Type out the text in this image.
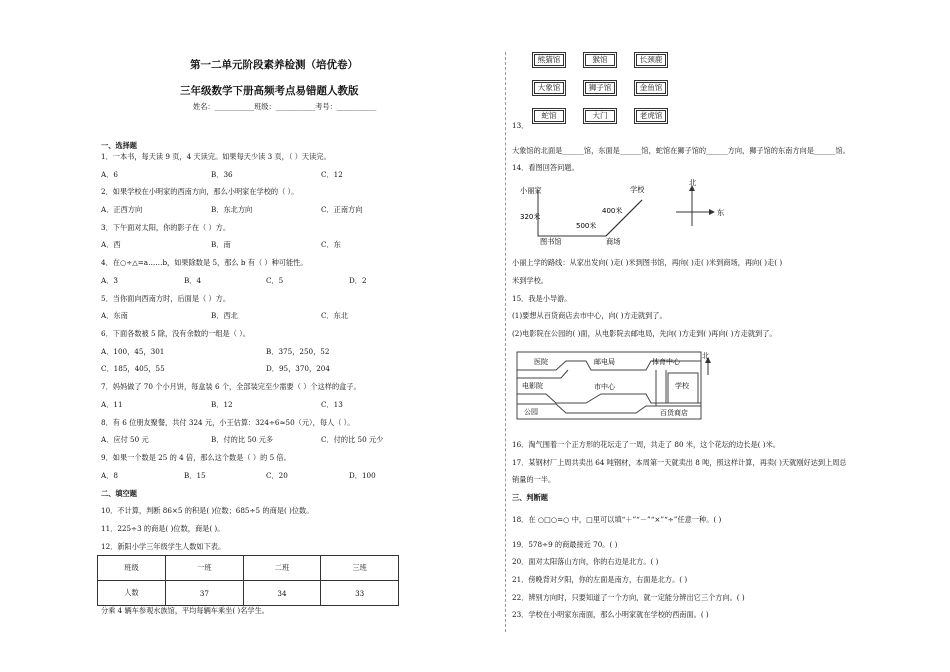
第一二单元阶段素养检测（培优卷）
三年级数学下册高频考点易错题人教版
姓名：___________班级：___________考号：___________
一、选择题
1．一本书，每天读 9 页，4 天读完。如果每天少读 3 页，（ ）天读完。
A．6	B．36	C．12
2．如果学校在小明家的西南方向，那么小明家在学校的（ ）。
A．正西方向	B．东北方向	C．正南方向
3．下午面对太阳，你的影子在（ ）方。
A．西	B．南	C．东
4．在○÷△=a……b，如果除数是 5，那么 b 有（ ）种可能性。
A．3	B．4	C．5	D．2
5．当你面向西南方时，后面是（ ）方。
A．东南	B．西北	C．东北
6．下面各数被 5 除，没有余数的一组是（ ）。
A．100，45，301	B．375，250，52
C．185，405，55	D．95，370，204
7．妈妈做了 70 个小月饼，每盒装 6 个，全部装完至少需要（ ）个这样的盒子。
A．11	B．12	C．13
8．有 6 位朋友聚餐，共付 324 元，小王估算：324÷6≈50（元），每人（ ）。
A．应付 50 元	B．付的比 50 元多	C．付的比 50 元少
9．如果一个数是 25 的 4 倍，那么这个数是（ ）的 5 倍。
A．8	B．15	C．20	D．100
二、填空题
10．不计算，判断 86×5 的积是( )位数；685÷5 的商是( )位数。
11．225÷3 的商是( )位数，商是( )。
12．新阳小学三年级学生人数如下表。
班级	一班	二班	三班
人数	37	34	33
分乘 4 辆车参观水族馆，平均每辆车乘坐( )名学生。
熊猫馆	猴馆	长颈鹿
大象馆	狮子馆	金鱼馆
蛇馆	大门	老虎馆
13．
大象馆的北面是______馆，东面是______馆，蛇馆在狮子馆的______方向，狮子馆的东南方向是______馆。
14．看图回答问题。
小丽家	学校
图书馆	商场
320米
500米
400米
北
东
小丽上学的路线：从家出发向( )走( )米到图书馆，再向( )走( )米到商场，再向( )走( )
米到学校。
15．我是小导游。
(1)要想从百货商店去市中心，向( )方走就到了。
(2)电影院在公园的( )面，从电影院去邮电局，先向( )方走到( )再向( )方走就到了。
医院	邮电局	体育中心
电影院	市中心	学校
公园	百货商店
北
16．淘气围着一个正方形的花坛走了一周，共走了 80 米，这个花坛的边长是( )米。
17．某钢材厂上周共卖出 64 吨钢材，本周第一天就卖出 8 吨，照这样计算，再卖( )天就刚好达到上周总
销量的一半。
三、判断题
18．在 ○□○=○ 中，□里可以填“＋”“－”“×”“÷”任意一种。( )
19．578÷9 的商最接近 70。( )
20．面对太阳落山方向，你的右边是北方。( )
21．傍晚背对夕阳，你的左面是南方，右面是北方。( )
22．辨别方向时，只要知道了一个方向，就一定能分辨出它三个方向。( )
23．学校在小明家东南面，那么小明家就在学校的西南面。( )
